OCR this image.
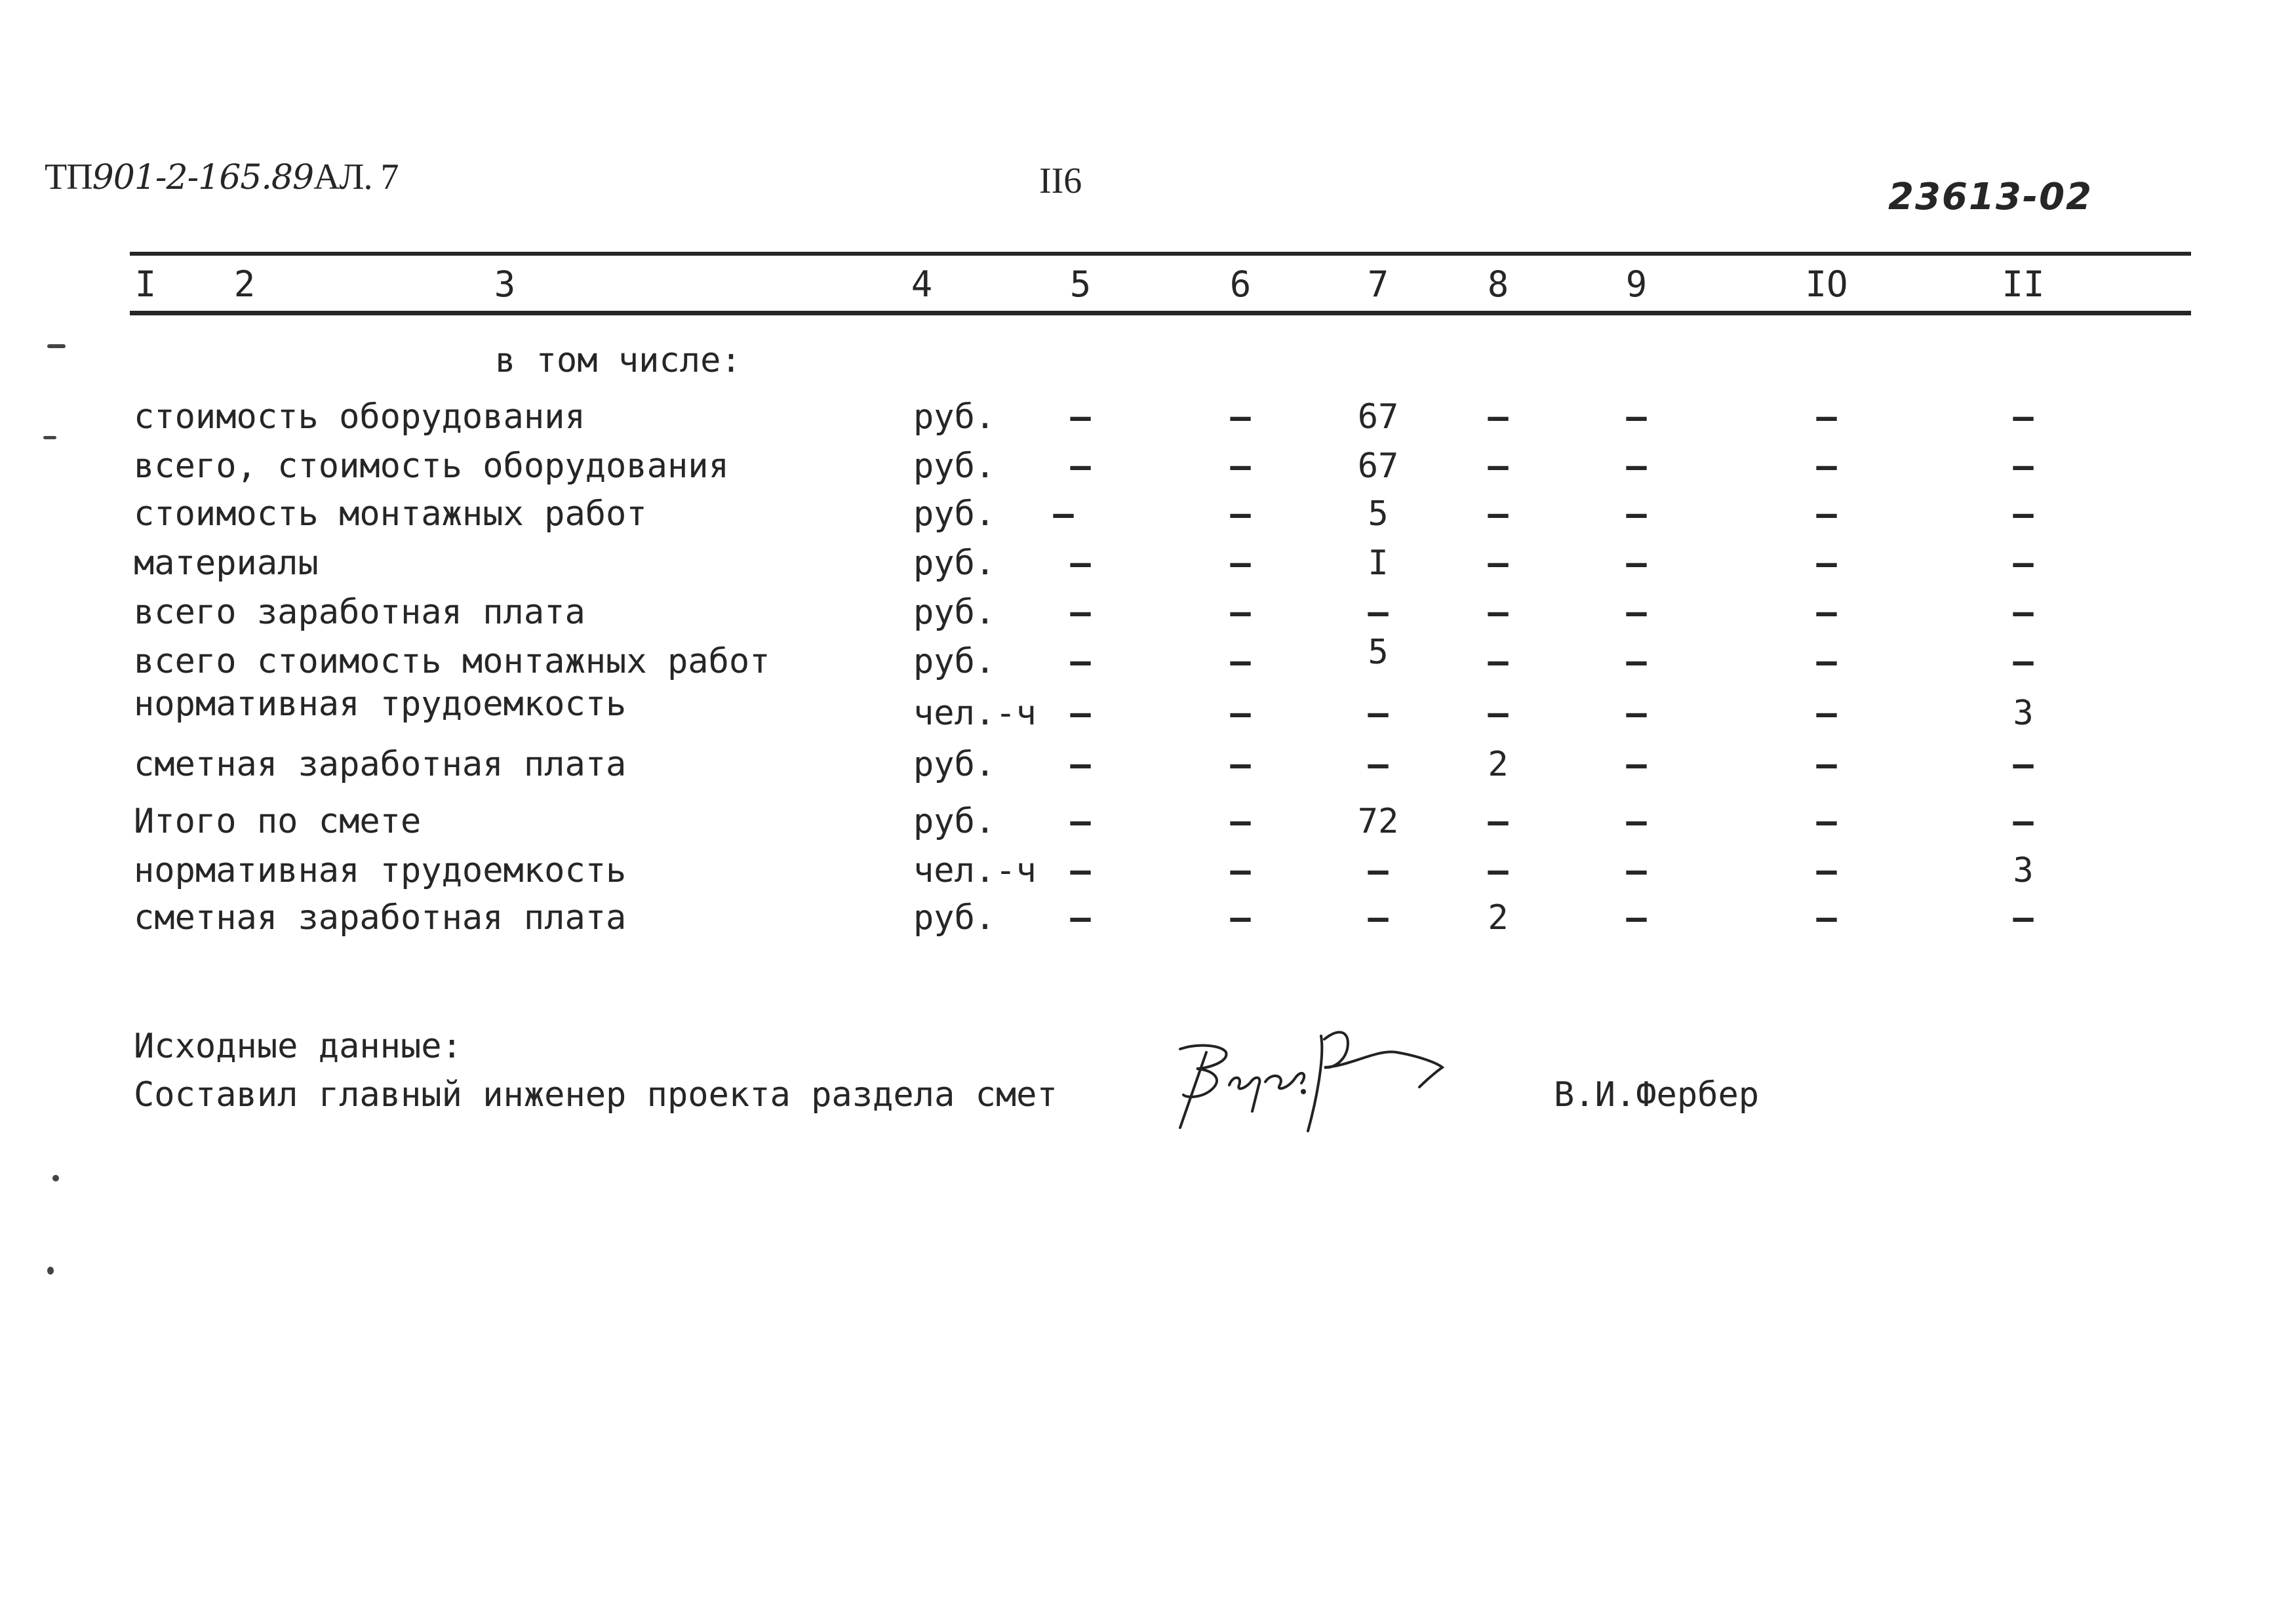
ТП901-2-165.89АЛ. 7	II6	23613-02
I 2	3	4	5	6	7	8	9	IO	II
в том числе:
стоимость оборудования	руб. –	–	67	–	–	–	–
всего, стоимость оборудования	руб. –	–	67	–	–	–	–
стоимость монтажных работ	руб. –	–	5	–	–	–	–
материалы	руб. –	–	I	–	–	–	–
всего заработная плата	руб. –	–	–	–	–	–	–
всего стоимость монтажных работ	руб. –	–	5	–	–	–	–
нормативная трудоемкость	чел.-ч –	–	–	–	–	–	3
сметная заработная плата	руб. –	–	–	2	–	–	–
Итого по смете	руб. –	–	72	–	–	–	–
нормативная трудоемкость	чел.-ч –	–	–	–	–	–	3
сметная заработная плата	руб. –	–	–	2	–	–	–
Исходные данные:
Составил главный инженер проекта раздела смет	В.И.Фербер
